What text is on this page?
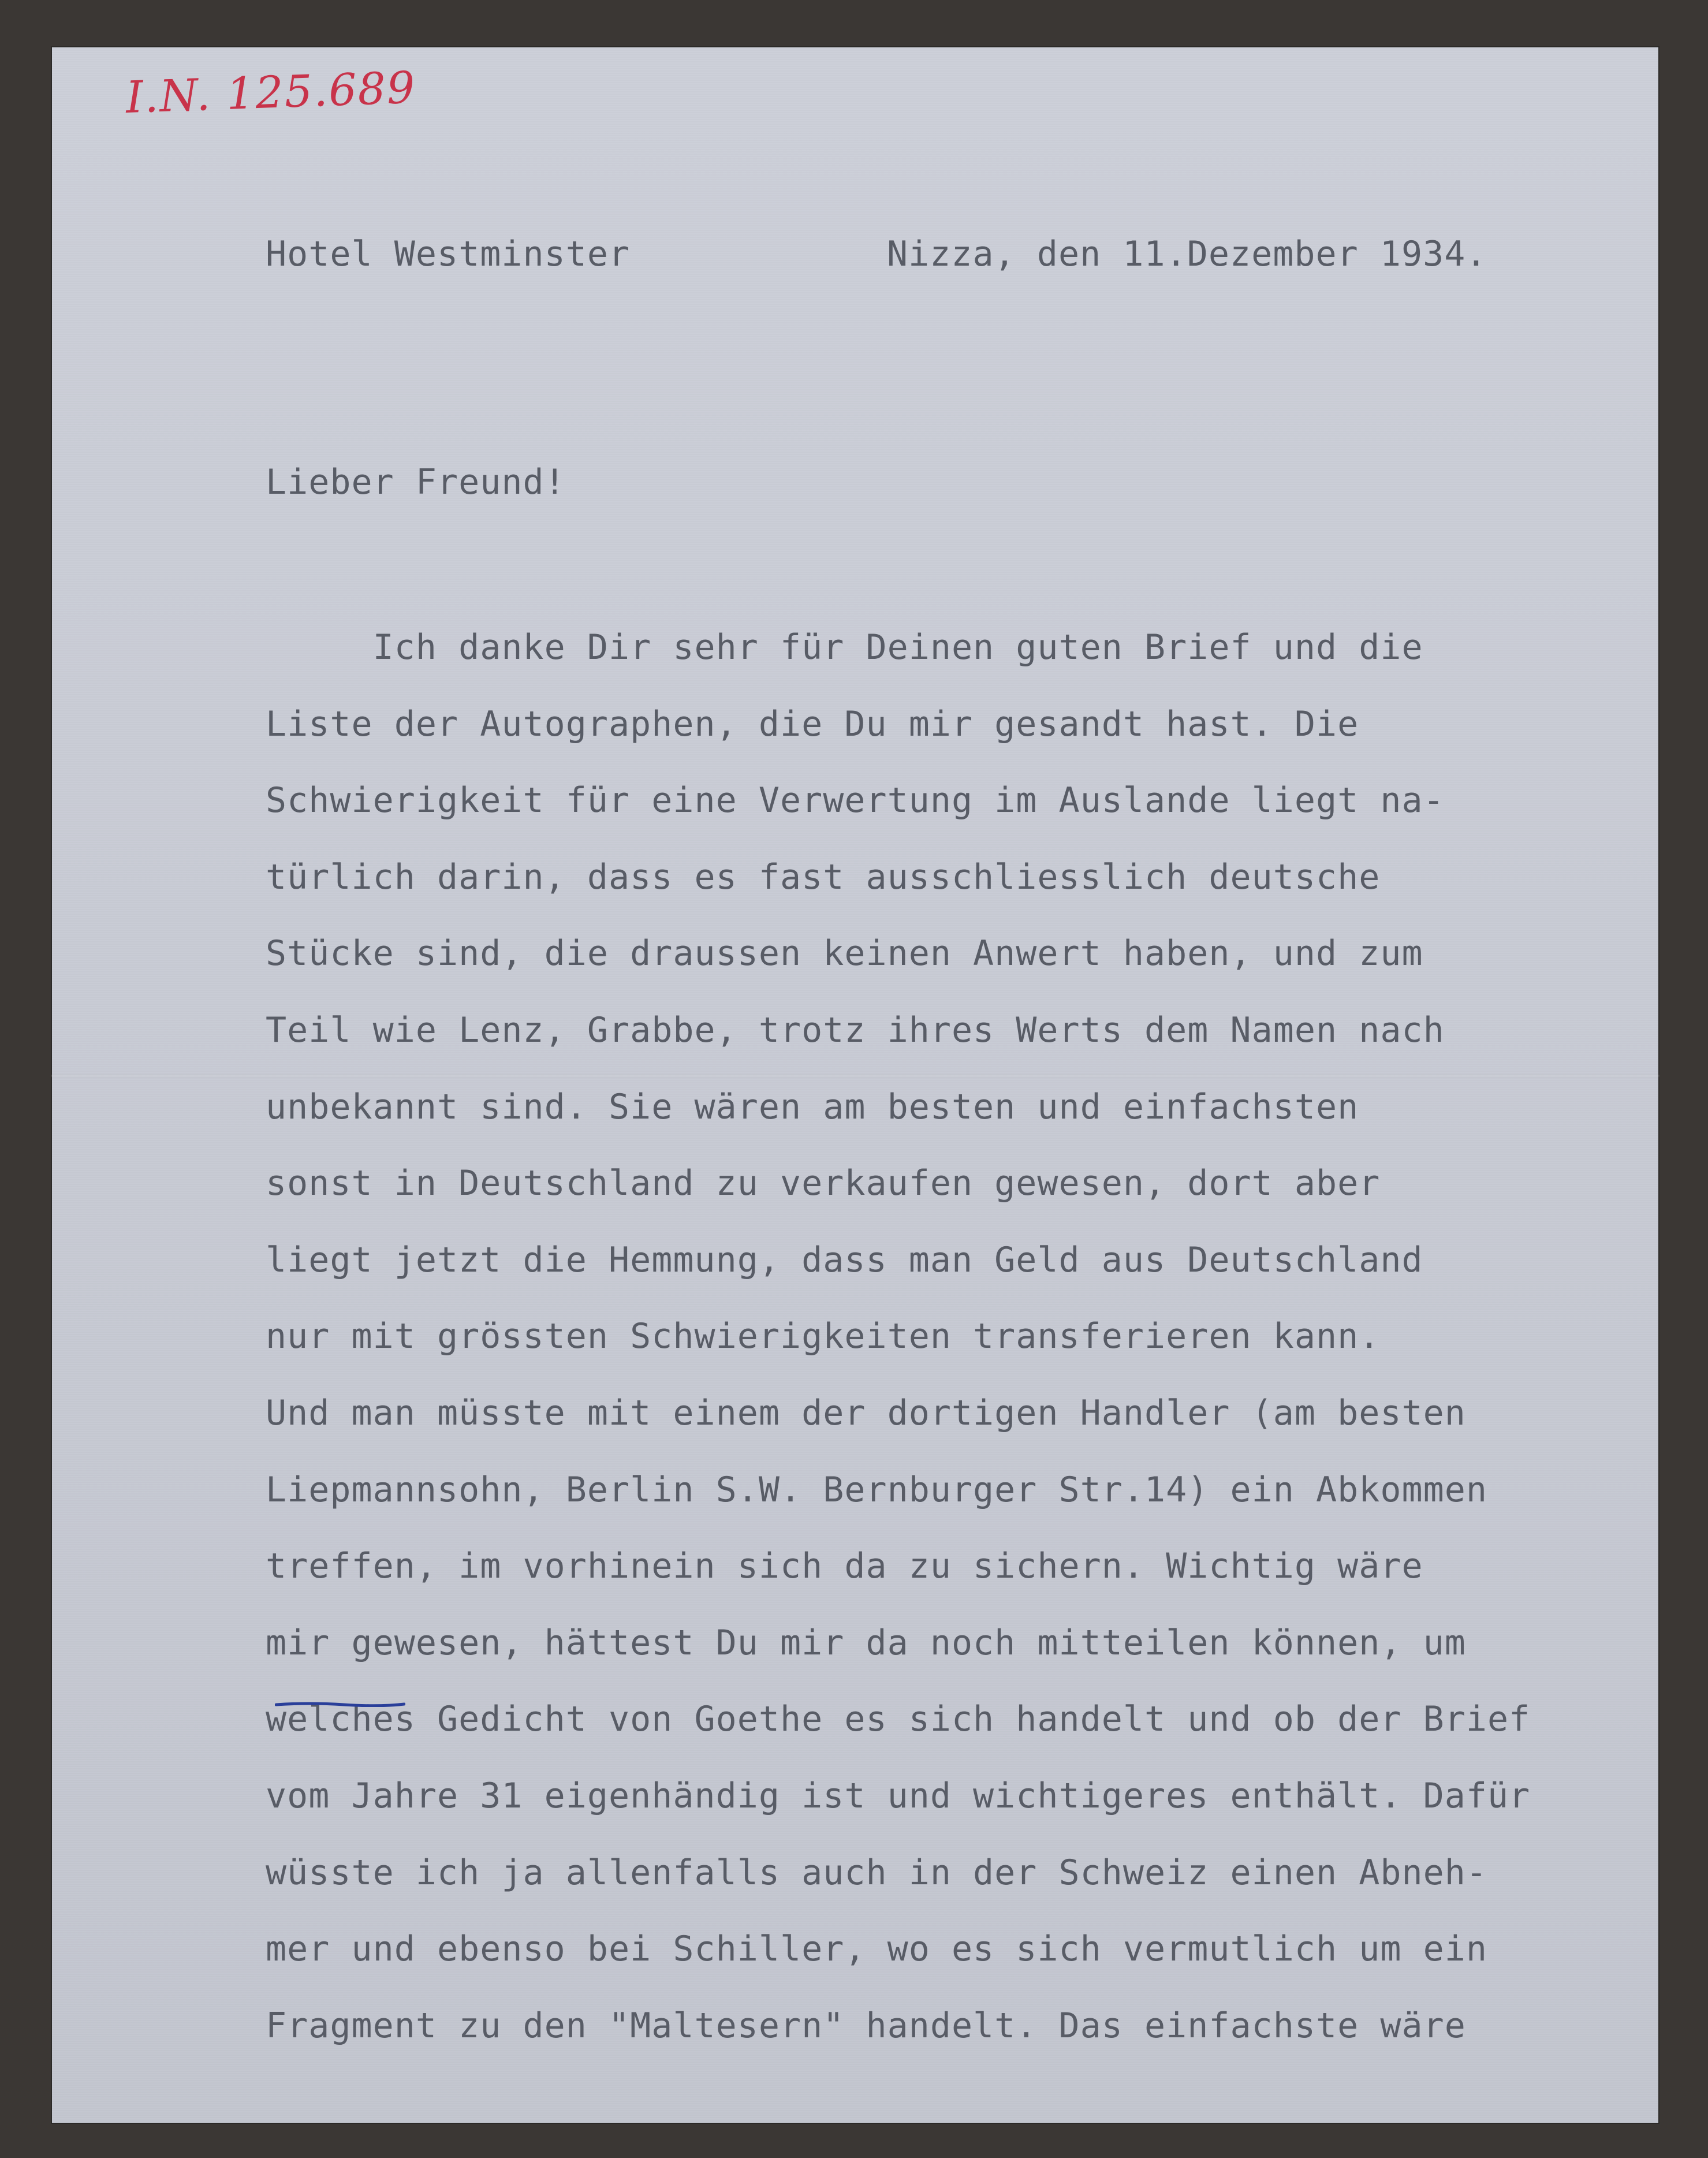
I.N. 125.689
Hotel Westminster	Nizza, den 11.Dezember 1934.
Lieber Freund!
Ich danke Dir sehr für Deinen guten Brief und die
Liste der Autographen, die Du mir gesandt hast. Die
Schwierigkeit für eine Verwertung im Auslande liegt na-
türlich darin, dass es fast ausschliesslich deutsche
Stücke sind, die draussen keinen Anwert haben, und zum
Teil wie Lenz, Grabbe, trotz ihres Werts dem Namen nach
unbekannt sind. Sie wären am besten und einfachsten
sonst in Deutschland zu verkaufen gewesen, dort aber
liegt jetzt die Hemmung, dass man Geld aus Deutschland
nur mit grössten Schwierigkeiten transferieren kann.
Und man müsste mit einem der dortigen Handler (am besten
Liepmannsohn, Berlin S.W. Bernburger Str.14) ein Abkommen
treffen, im vorhinein sich da zu sichern. Wichtig wäre
mir gewesen, hättest Du mir da noch mitteilen können, um
welches Gedicht von Goethe es sich handelt und ob der Brief
vom Jahre 31 eigenhändig ist und wichtigeres enthält. Dafür
wüsste ich ja allenfalls auch in der Schweiz einen Abneh-
mer und ebenso bei Schiller, wo es sich vermutlich um ein
Fragment zu den "Maltesern" handelt. Das einfachste wäre
